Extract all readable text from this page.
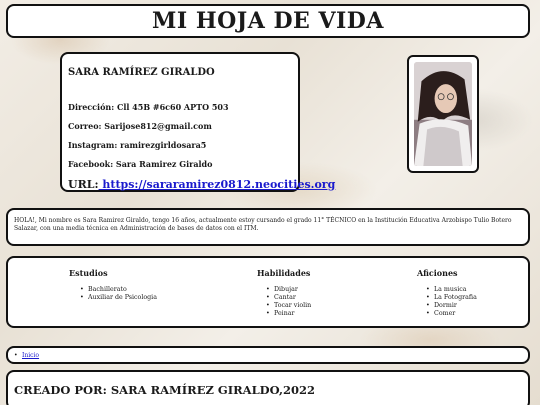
MI HOJA DE VIDA
SARA RAMÍREZ GIRALDO
Dirección: Cll 45B #6c60 APTO 503
Correo: Sarijose812@gmail.com
Instagram: ramirezgirldosara5
Facebook: Sara Ramirez Giraldo
URL: https://sararamirez0812.neocities.org

HOLA!, Mi nombre es Sara Ramirez Giraldo, tengo 16 años, actualmente estoy cursando el grado 11° TÉCNICO en la Institución Educativa Arzobispo Tulio Botero Salazar, con una media técnica en Administración de bases de datos con el ITM.

Estudios
• Bachillerato
• Auxiliar de Psicologia
Habilidades
• Dibujar
• Cantar
• Tocar violin
• Peinar
Aficiones
• La musica
• La Fotografia
• Dormir
• Comer
• Inicio
CREADO POR: SARA RAMÍREZ GIRALDO,2022
